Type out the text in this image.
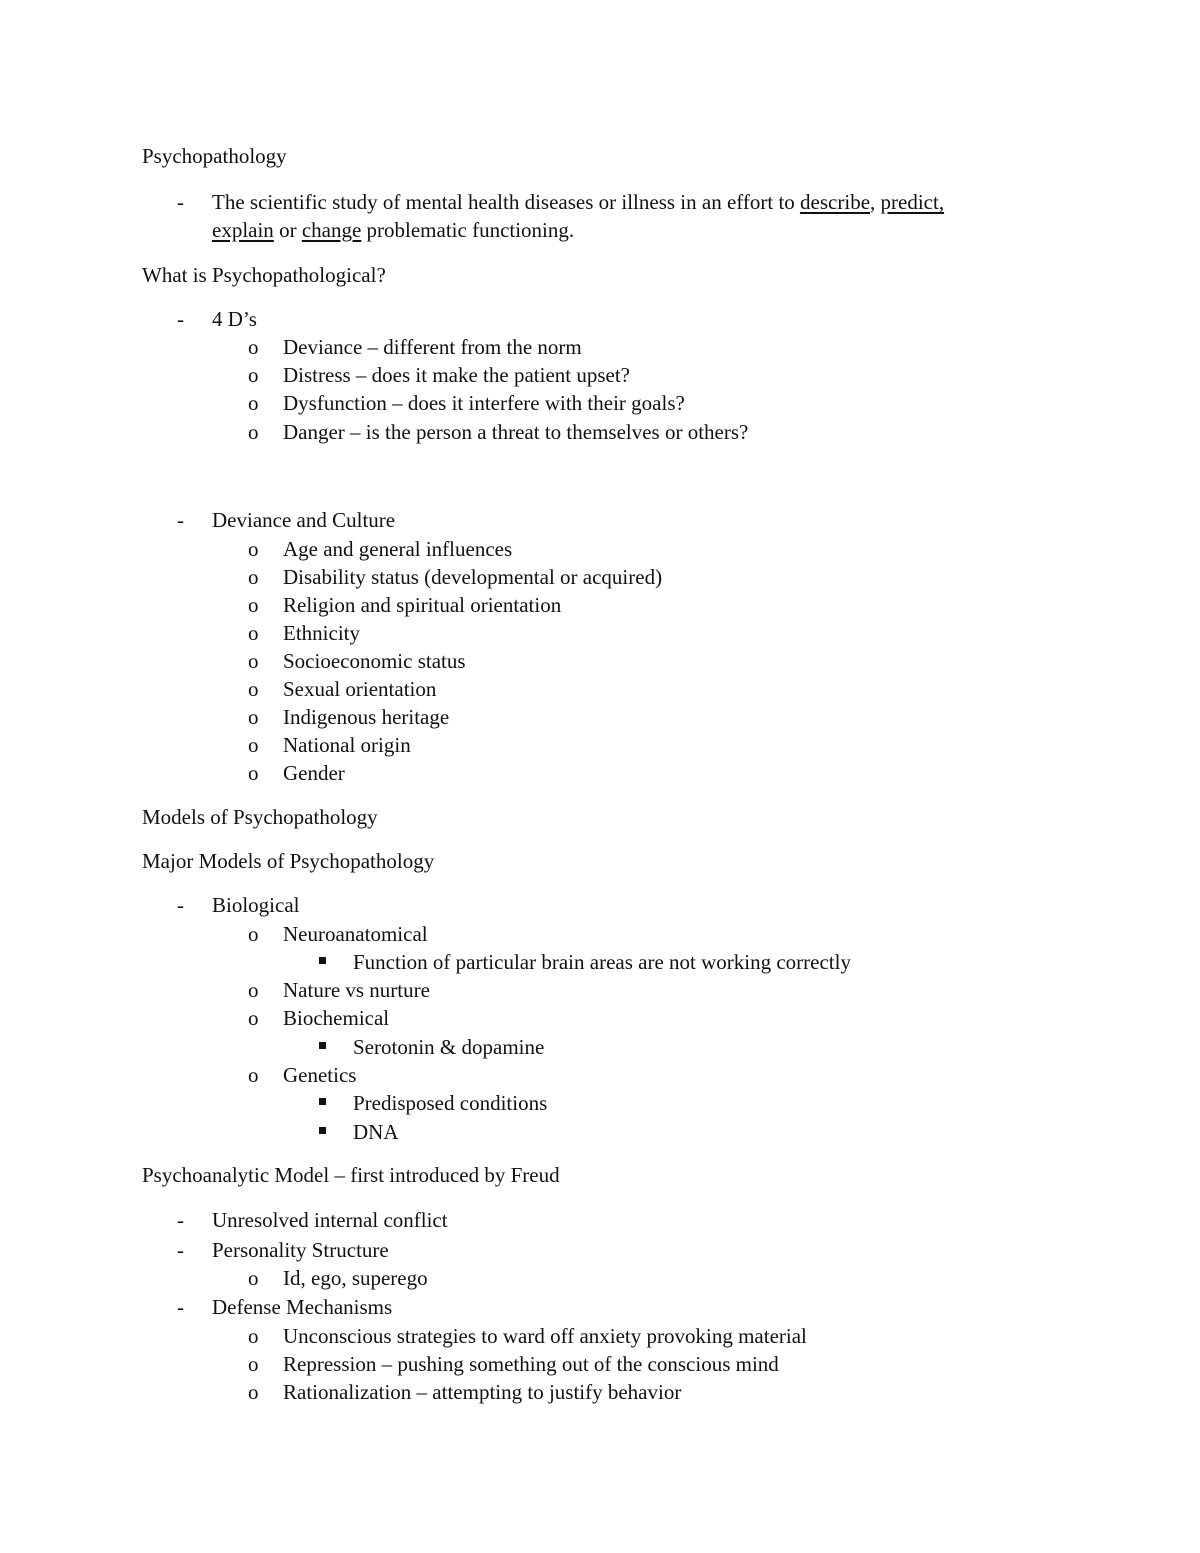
Psychopathology
- The scientific study of mental health diseases or illness in an effort to describe, predict,
explain or change problematic functioning.
What is Psychopathological?
- 4 D’s
o Deviance – different from the norm
o Distress – does it make the patient upset?
o Dysfunction – does it interfere with their goals?
o Danger – is the person a threat to themselves or others?
- Deviance and Culture
o Age and general influences
o Disability status (developmental or acquired)
o Religion and spiritual orientation
o Ethnicity
o Socioeconomic status
o Sexual orientation
o Indigenous heritage
o National origin
o Gender
Models of Psychopathology
Major Models of Psychopathology
- Biological
o Neuroanatomical
Function of particular brain areas are not working correctly
o Nature vs nurture
o Biochemical
Serotonin & dopamine
o Genetics
Predisposed conditions
DNA
Psychoanalytic Model – first introduced by Freud
- Unresolved internal conflict
- Personality Structure
o Id, ego, superego
- Defense Mechanisms
o Unconscious strategies to ward off anxiety provoking material
o Repression – pushing something out of the conscious mind
o Rationalization – attempting to justify behavior
